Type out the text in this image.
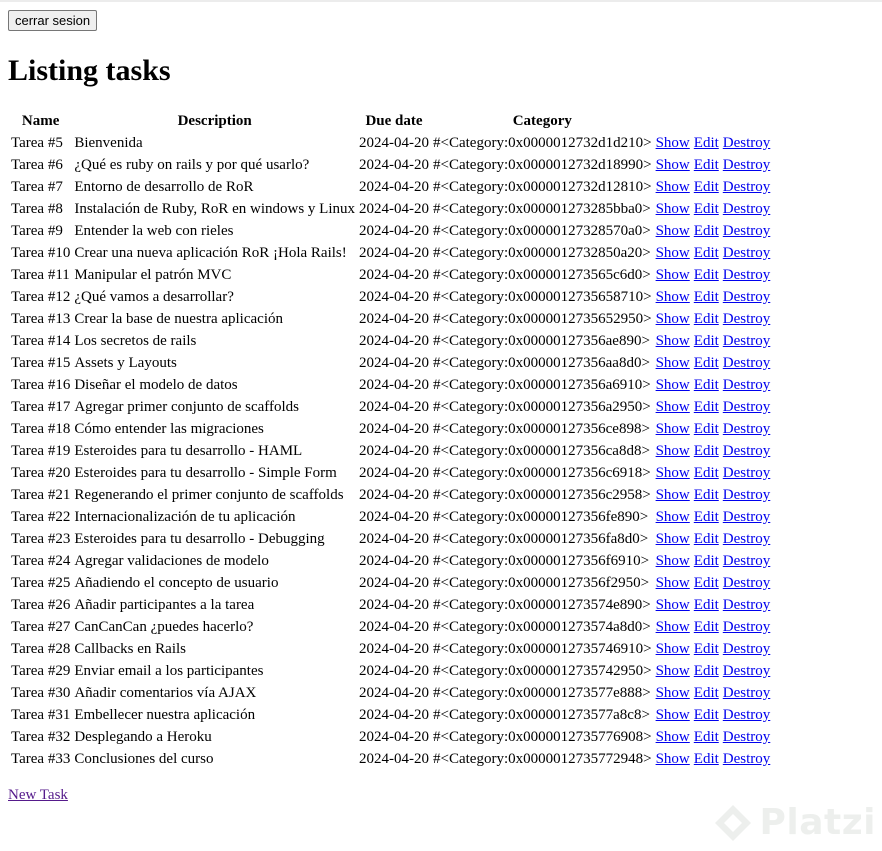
cerrar sesion
Listing tasks
Name	Description	Due date	Category			
Tarea #5	Bienvenida	2024-04-20	#<Category:0x0000012732d1d210>	Show	Edit	Destroy
Tarea #6	¿Qué es ruby on rails y por qué usarlo?	2024-04-20	#<Category:0x0000012732d18990>	Show	Edit	Destroy
Tarea #7	Entorno de desarrollo de RoR	2024-04-20	#<Category:0x0000012732d12810>	Show	Edit	Destroy
Tarea #8	Instalación de Ruby, RoR en windows y Linux	2024-04-20	#<Category:0x000001273285bba0>	Show	Edit	Destroy
Tarea #9	Entender la web con rieles	2024-04-20	#<Category:0x00000127328570a0>	Show	Edit	Destroy
Tarea #10	Crear una nueva aplicación RoR ¡Hola Rails!	2024-04-20	#<Category:0x0000012732850a20>	Show	Edit	Destroy
Tarea #11	Manipular el patrón MVC	2024-04-20	#<Category:0x000001273565c6d0>	Show	Edit	Destroy
Tarea #12	¿Qué vamos a desarrollar?	2024-04-20	#<Category:0x0000012735658710>	Show	Edit	Destroy
Tarea #13	Crear la base de nuestra aplicación	2024-04-20	#<Category:0x0000012735652950>	Show	Edit	Destroy
Tarea #14	Los secretos de rails	2024-04-20	#<Category:0x00000127356ae890>	Show	Edit	Destroy
Tarea #15	Assets y Layouts	2024-04-20	#<Category:0x00000127356aa8d0>	Show	Edit	Destroy
Tarea #16	Diseñar el modelo de datos	2024-04-20	#<Category:0x00000127356a6910>	Show	Edit	Destroy
Tarea #17	Agregar primer conjunto de scaffolds	2024-04-20	#<Category:0x00000127356a2950>	Show	Edit	Destroy
Tarea #18	Cómo entender las migraciones	2024-04-20	#<Category:0x00000127356ce898>	Show	Edit	Destroy
Tarea #19	Esteroides para tu desarrollo - HAML	2024-04-20	#<Category:0x00000127356ca8d8>	Show	Edit	Destroy
Tarea #20	Esteroides para tu desarrollo - Simple Form	2024-04-20	#<Category:0x00000127356c6918>	Show	Edit	Destroy
Tarea #21	Regenerando el primer conjunto de scaffolds	2024-04-20	#<Category:0x00000127356c2958>	Show	Edit	Destroy
Tarea #22	Internacionalización de tu aplicación	2024-04-20	#<Category:0x00000127356fe890>	Show	Edit	Destroy
Tarea #23	Esteroides para tu desarrollo - Debugging	2024-04-20	#<Category:0x00000127356fa8d0>	Show	Edit	Destroy
Tarea #24	Agregar validaciones de modelo	2024-04-20	#<Category:0x00000127356f6910>	Show	Edit	Destroy
Tarea #25	Añadiendo el concepto de usuario	2024-04-20	#<Category:0x00000127356f2950>	Show	Edit	Destroy
Tarea #26	Añadir participantes a la tarea	2024-04-20	#<Category:0x000001273574e890>	Show	Edit	Destroy
Tarea #27	CanCanCan ¿puedes hacerlo?	2024-04-20	#<Category:0x000001273574a8d0>	Show	Edit	Destroy
Tarea #28	Callbacks en Rails	2024-04-20	#<Category:0x0000012735746910>	Show	Edit	Destroy
Tarea #29	Enviar email a los participantes	2024-04-20	#<Category:0x0000012735742950>	Show	Edit	Destroy
Tarea #30	Añadir comentarios vía AJAX	2024-04-20	#<Category:0x000001273577e888>	Show	Edit	Destroy
Tarea #31	Embellecer nuestra aplicación	2024-04-20	#<Category:0x000001273577a8c8>	Show	Edit	Destroy
Tarea #32	Desplegando a Heroku	2024-04-20	#<Category:0x0000012735776908>	Show	Edit	Destroy
Tarea #33	Conclusiones del curso	2024-04-20	#<Category:0x0000012735772948>	Show	Edit	Destroy
New Task
Platzi
